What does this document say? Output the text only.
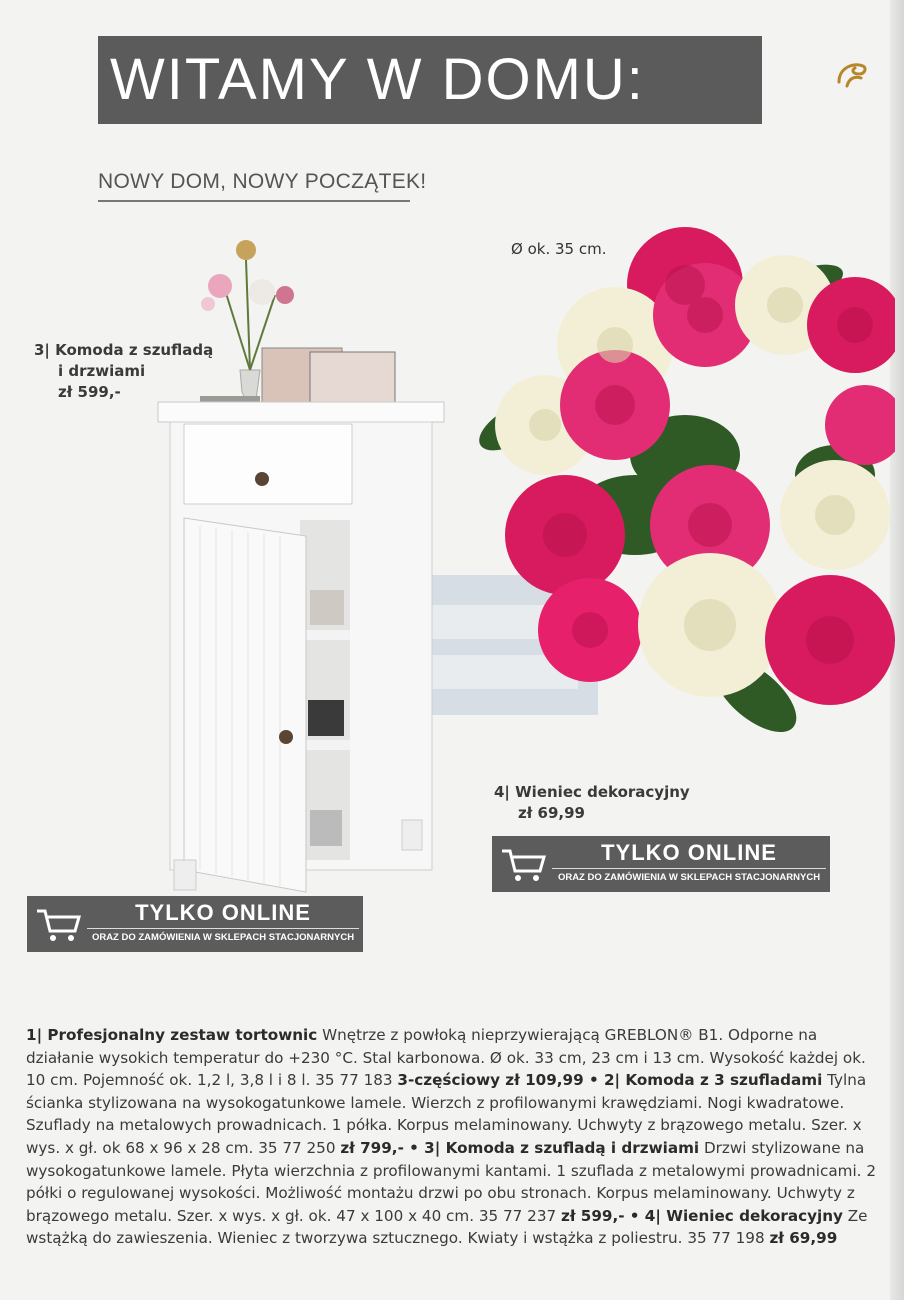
WITAMY W DOMU:
NOWY DOM, NOWY POCZĄTEK!
3| Komoda z szufladą
i drzwiami
zł 599,-
Ø ok. 35 cm.
4| Wieniec dekoracyjny
zł 69,99
TYLKO ONLINE
ORAZ DO ZAMÓWIENIA W SKLEPACH STACJONARNYCH
TYLKO ONLINE
ORAZ DO ZAMÓWIENIA W SKLEPACH STACJONARNYCH
1| Profesjonalny zestaw tortownic Wnętrze z powłoką nieprzywierającą GREBLON® B1. Odporne na działanie wysokich temperatur do +230 °C. Stal karbonowa. Ø ok. 33 cm, 23 cm i 13 cm. Wysokość każdej ok. 10 cm. Pojemność ok. 1,2 l, 3,8 l i 8 l. 35 77 183 3-częściowy zł 109,99 • 2| Komoda z 3 szufladami Tylna ścianka stylizowana na wysokogatunkowe lamele. Wierzch z profilowanymi krawędziami. Nogi kwadratowe. Szuflady na metalowych prowadnicach. 1 półka. Korpus melaminowany. Uchwyty z brązowego metalu. Szer. x wys. x gł. ok 68 x 96 x 28 cm. 35 77 250 zł 799,- • 3| Komoda z szufladą i drzwiami Drzwi stylizowane na wysokogatunkowe lamele. Płyta wierzchnia z profilowanymi kantami. 1 szuflada z metalowymi prowadnicami. 2 półki o regulowanej wysokości. Możliwość montażu drzwi po obu stronach. Korpus melaminowany. Uchwyty z brązowego metalu. Szer. x wys. x gł. ok. 47 x 100 x 40 cm. 35 77 237 zł 599,- • 4| Wieniec dekoracyjny Ze wstążką do zawieszenia. Wieniec z tworzywa sztucznego. Kwiaty i wstążka z poliestru. 35 77 198 zł 69,99
